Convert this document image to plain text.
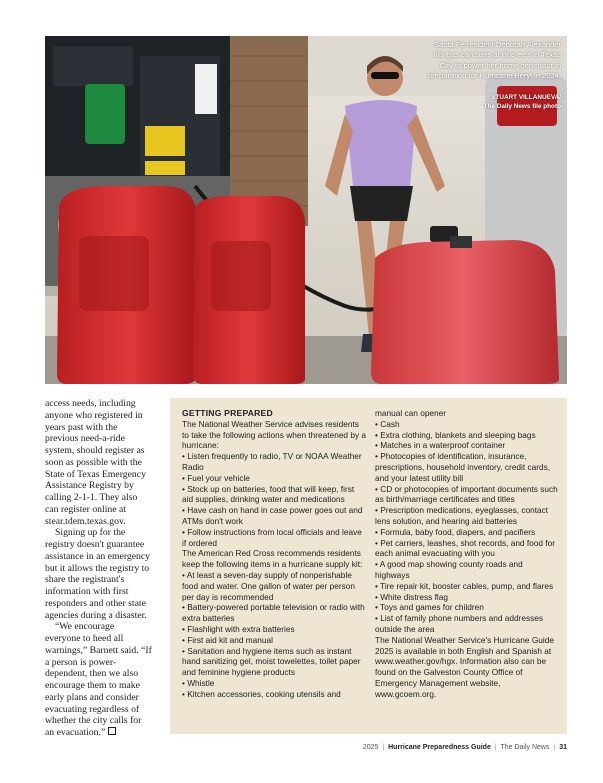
Santa Fe resident Deborah Alexander fills gas canisters at Buc-ee's in Texas City to power her home generator in preparation for Hurricane Beryl in 2024.
STUART VILLANUEVA/
The Daily News file photo

access needs, including anyone who registered in years past with the previous need-a-ride system, should register as soon as possible with the State of Texas Emergency Assistance Registry by calling 2-1-1. They also can register online at stear.tdem.texas.gov.

Signing up for the registry doesn't guarantee assistance in an emergency but it allows the registry to share the registrant's information with first responders and other state agencies during a disaster.

“We encourage everyone to heed all warnings,” Barnett said. “If a person is power-dependent, then we also encourage them to make early plans and consider evacuating regardless of whether the city calls for an evacuation.”

GETTING PREPARED
The National Weather Service advises residents to take the following actions when threatened by a hurricane:
• Listen frequently to radio, TV or NOAA Weather Radio
• Fuel your vehicle
• Stock up on batteries, food that will keep, first aid supplies, drinking water and medications
• Have cash on hand in case power goes out and ATMs don't work
• Follow instructions from local officials and leave if ordered
The American Red Cross recommends residents keep the following items in a hurricane supply kit:
• At least a seven-day supply of nonperishable food and water. One gallon of water per person per day is recommended
• Battery-powered portable television or radio with extra batteries
• Flashlight with extra batteries
• First aid kit and manual
• Sanitation and hygiene items such as instant hand sanitizing gel, moist towelettes, toilet paper and feminine hygiene products
• Whistle
• Kitchen accessories, cooking utensils and
manual can opener
• Cash
• Extra clothing, blankets and sleeping bags
• Matches in a waterproof container
• Photocopies of identification, insurance, prescriptions, household inventory, credit cards, and your latest utility bill
• CD or photocopies of important documents such as birth/marriage certificates and titles
• Prescription medications, eyeglasses, contact lens solution, and hearing aid batteries
• Formula, baby food, diapers, and pacifiers
• Pet carriers, leashes, shot records, and food for each animal evacuating with you
• A good map showing county roads and highways
• Tire repair kit, booster cables, pump, and flares
• White distress flag
• Toys and games for children
• List of family phone numbers and addresses outside the area
The National Weather Service's Hurricane Guide 2025 is available in both English and Spanish at www.weather.gov/hgx. Information also can be found on the Galveston County Office of Emergency Management website, www.gcoem.org.
2025 | Hurricane Preparedness Guide | The Daily News | 31
